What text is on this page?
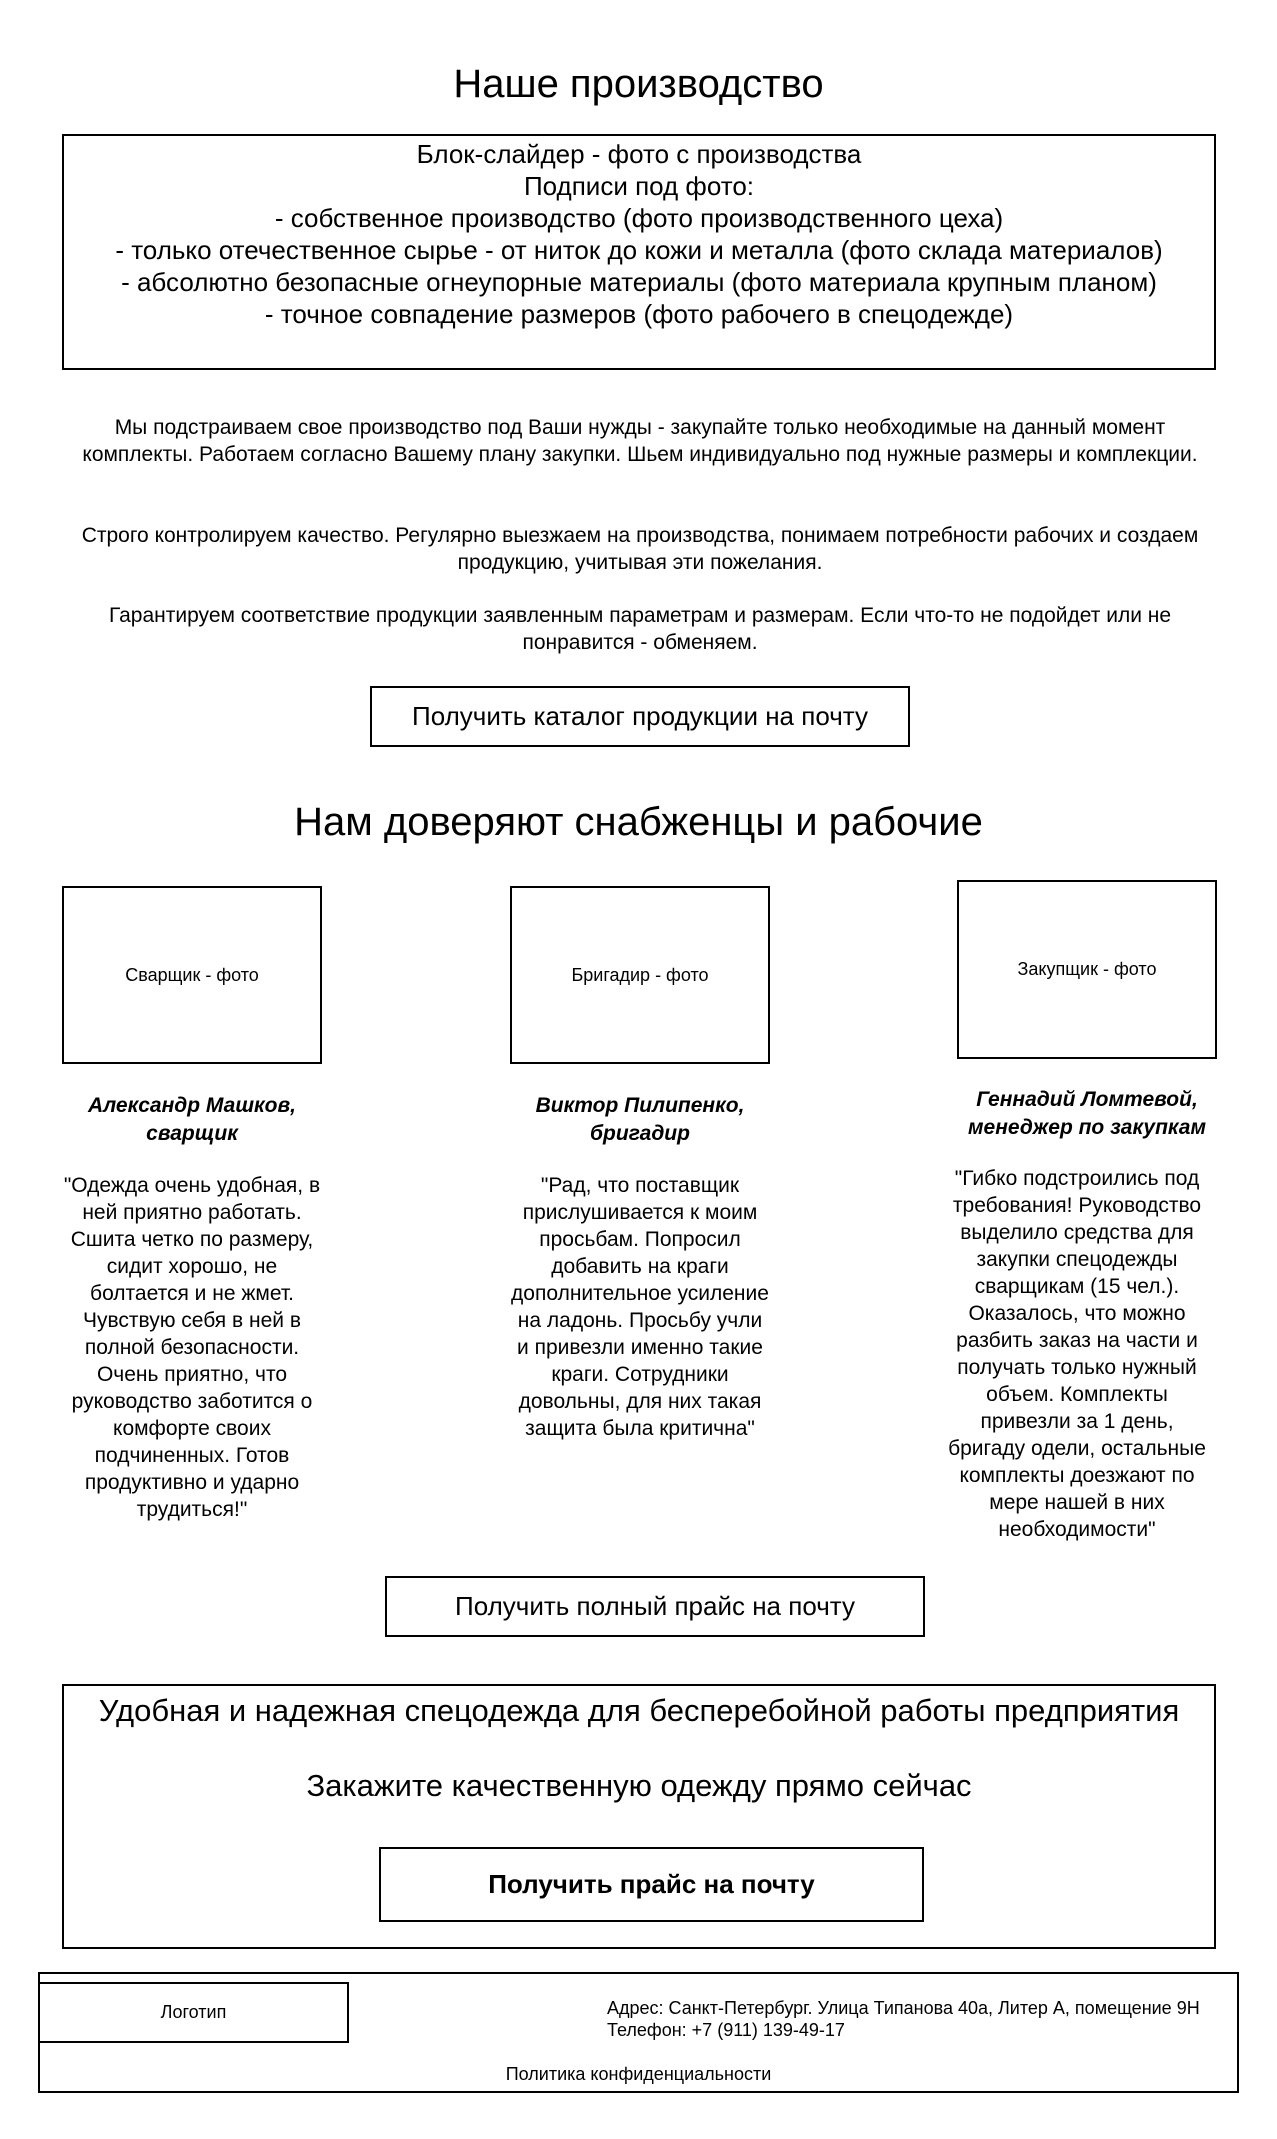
Наше производство
Блок-слайдер - фото с производства
Подписи под фото:
- собственное производство (фото производственного цеха)
- только отечественное сырье - от ниток до кожи и металла (фото склада материалов)
- абсолютно безопасные огнеупорные материалы (фото материала крупным планом)
- точное совпадение размеров (фото рабочего в спецодежде)
Мы подстраиваем свое производство под Ваши нужды - закупайте только необходимые на данный момент комплекты. Работаем согласно Вашему плану закупки. Шьем индивидуально под нужные размеры и комплекции.
Строго контролируем качество. Регулярно выезжаем на производства, понимаем потребности рабочих и создаем продукцию, учитывая эти пожелания.
Гарантируем соответствие продукции заявленным параметрам и размерам. Если что-то не подойдет или не понравится - обменяем.
Получить каталог продукции на почту
Нам доверяют снабженцы и рабочие
Сварщик - фото
Александр Машков, сварщик
"Одежда очень удобная, в ней приятно работать. Сшита четко по размеру, сидит хорошо, не болтается и не жмет. Чувствую себя в ней в полной безопасности. Очень приятно, что руководство заботится о комфорте своих подчиненных. Готов продуктивно и ударно трудиться!"
Бригадир - фото
Виктор Пилипенко, бригадир
"Рад, что поставщик прислушивается к моим просьбам. Попросил добавить на краги дополнительное усиление на ладонь. Просьбу учли и привезли именно такие краги. Сотрудники довольны, для них такая защита была критична"
Закупщик - фото
Геннадий Ломтевой, менеджер по закупкам
"Гибко подстроились под требования! Руководство выделило средства для закупки спецодежды сварщикам (15 чел.). Оказалось, что можно разбить заказ на части и получать только нужный объем. Комплекты привезли за 1 день, бригаду одели, остальные комплекты доезжают по мере нашей в них необходимости"
Получить полный прайс на почту
Удобная и надежная спецодежда для бесперебойной работы предприятия
Закажите качественную одежду прямо сейчас
Получить прайс на почту
Логотип	Адрес: Санкт-Петербург. Улица Типанова 40а, Литер А, помещение 9Н
Телефон: +7 (911) 139-49-17
Политика конфиденциальности
